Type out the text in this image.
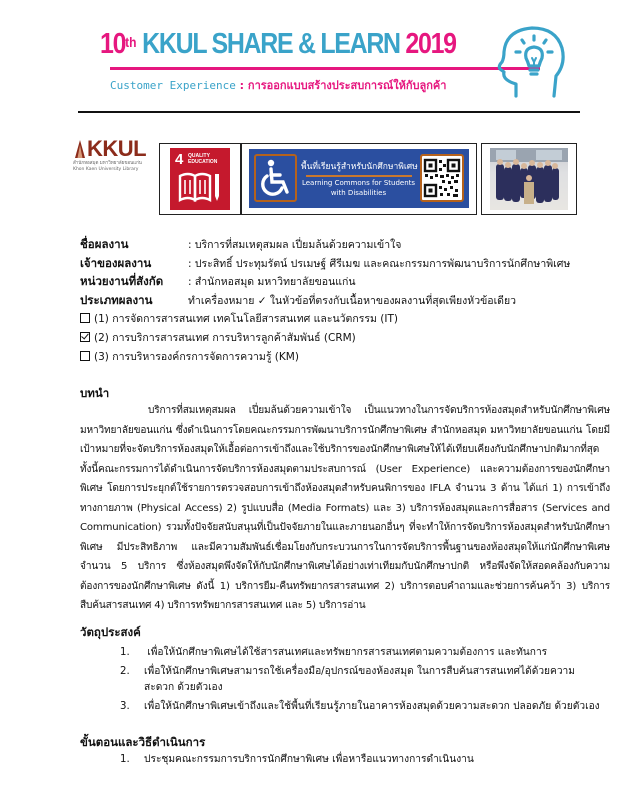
10th KKUL SHARE & LEARN 2019
Customer Experience : การออกแบบสร้างประสบการณ์ให้กับลูกค้า
KKUL
สำนักหอสมุด มหาวิทยาลัยขอนแก่น
Khon Kaen University Library
4 QUALITY
EDUCATION	พื้นที่เรียนรู้สำหรับนักศึกษาพิเศษ
Learning Commons for Students
with Disabilities
ชื่อผลงาน	: บริการที่สมเหตุสมผล เปี่ยมล้นด้วยความเข้าใจ
เจ้าของผลงาน	: ประสิทธิ์ ประทุมรัตน์ ปรเมษฐ์ ศีรีเมฆ และคณะกรรมการพัฒนาบริการนักศึกษาพิเศษ
หน่วยงานที่สังกัด : สำนักหอสมุด มหาวิทยาลัยขอนแก่น
ประเภทผลงาน	ทำเครื่องหมาย ✓ ในหัวข้อที่ตรงกับเนื้อหาของผลงานที่สุดเพียงหัวข้อเดียว
(1) การจัดการสารสนเทศ เทคโนโลยีสารสนเทศ และนวัตกรรม (IT)
(2) การบริการสารสนเทศ การบริหารลูกค้าสัมพันธ์ (CRM)
(3) การบริหารองค์กรการจัดการความรู้ (KM)
บทนำ
บริการที่สมเหตุสมผล เปี่ยมล้นด้วยความเข้าใจ เป็นแนวทางในการจัดบริการห้องสมุดสำหรับนักศึกษาพิเศษ มหาวิทยาลัยขอนแก่น ซึ่งดำเนินการโดยคณะกรรมการพัฒนาบริการนักศึกษาพิเศษ สำนักหอสมุด มหาวิทยาลัยขอนแก่น โดยมีเป้าหมายที่จะจัดบริการห้องสมุดให้เอื้อต่อการเข้าถึงและใช้บริการของนักศึกษาพิเศษให้ได้เทียบเคียงกับนักศึกษาปกติมากที่สุด ทั้งนี้คณะกรรมการได้ดำเนินการจัดบริการห้องสมุดตามประสบการณ์ (User Experience) และความต้องการของนักศึกษาพิเศษ โดยการประยุกต์ใช้รายการตรวจสอบการเข้าถึงห้องสมุดสำหรับคนพิการของ IFLA จำนวน 3 ด้าน ได้แก่ 1) การเข้าถึงทางกายภาพ (Physical Access) 2) รูปแบบสื่อ (Media Formats) และ 3) บริการห้องสมุดและการสื่อสาร (Services and Communication) รวมทั้งปัจจัยสนับสนุนที่เป็นปัจจัยภายในและภายนอกอื่นๆ ที่จะทำให้การจัดบริการห้องสมุดสำหรับนักศึกษาพิเศษ มีประสิทธิภาพ และมีความสัมพันธ์เชื่อมโยงกับกระบวนการในการจัดบริการพื้นฐานของห้องสมุดให้แก่นักศึกษาพิเศษจำนวน 5 บริการ ซึ่งห้องสมุดพึงจัดให้กับนักศึกษาพิเศษได้อย่างเท่าเทียมกับนักศึกษาปกติ หรือพึงจัดให้สอดคล้องกับความต้องการของนักศึกษาพิเศษ ดังนี้ 1) บริการยืม-คืนทรัพยากรสารสนเทศ 2) บริการตอบคำถามและช่วยการค้นคว้า 3) บริการสืบค้นสารสนเทศ 4) บริการทรัพยากรสารสนเทศ และ 5) บริการอ่าน
วัตถุประสงค์
1. เพื่อให้นักศึกษาพิเศษได้ใช้สารสนเทศและทรัพยากรสารสนเทศตามความต้องการ และทันการ
2. เพื่อให้นักศึกษาพิเศษสามารถใช้เครื่องมือ/อุปกรณ์ของห้องสมุด ในการสืบค้นสารสนเทศได้ด้วยความ
สะดวก ด้วยตัวเอง
3. เพื่อให้นักศึกษาพิเศษเข้าถึงและใช้พื้นที่เรียนรู้ภายในอาคารห้องสมุดด้วยความสะดวก ปลอดภัย ด้วยตัวเอง
ขั้นตอนและวิธีดำเนินการ
1. ประชุมคณะกรรมการบริการนักศึกษาพิเศษ เพื่อหารือแนวทางการดำเนินงาน
